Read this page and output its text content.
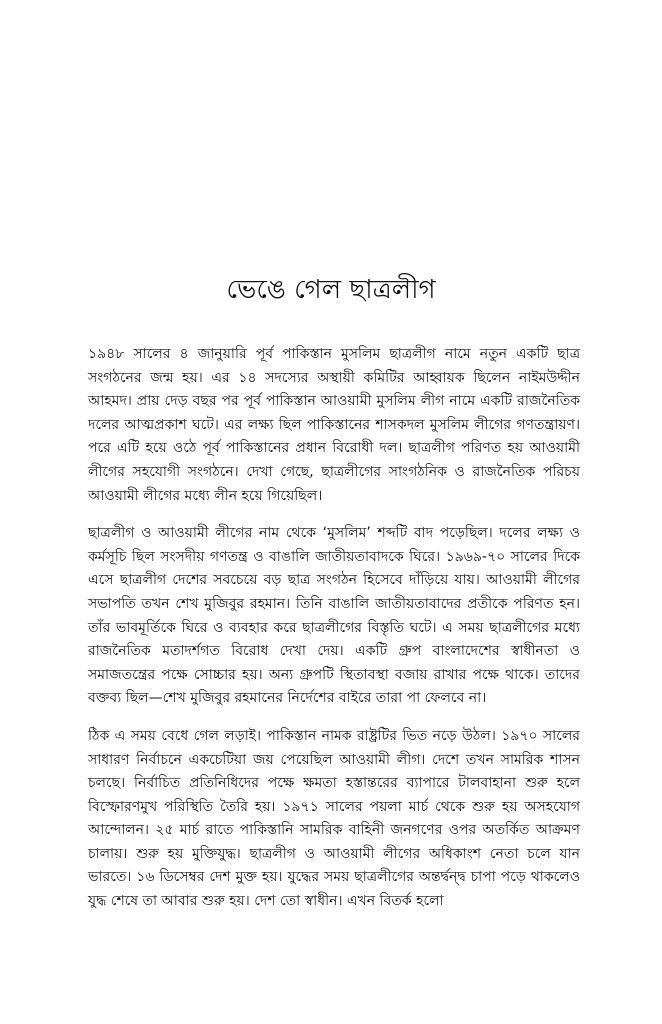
ভেঙে গেল ছাত্রলীগ

১৯৪৮ সালের ৪ জানুয়ারি পূর্ব পাকিস্তান মুসলিম ছাত্রলীগ নামে নতুন একটি ছাত্র সংগঠনের জন্ম হয়। এর ১৪ সদস্যের অস্থায়ী কমিটির আহ্বায়ক ছিলেন নাইমউদ্দীন আহমদ। প্রায় দেড় বছর পর পূর্ব পাকিস্তান আওয়ামী মুসলিম লীগ নামে একটি রাজনৈতিক দলের আত্মপ্রকাশ ঘটে। এর লক্ষ্য ছিল পাকিস্তানের শাসকদল মুসলিম লীগের গণতন্ত্রায়ণ। পরে এটি হয়ে ওঠে পূর্ব পাকিস্তানের প্রধান বিরোধী দল। ছাত্রলীগ পরিণত হয় আওয়ামী লীগের সহযোগী সংগঠনে। দেখা গেছে, ছাত্রলীগের সাংগঠনিক ও রাজনৈতিক পরিচয় আওয়ামী লীগের মধ্যে লীন হয়ে গিয়েছিল।

ছাত্রলীগ ও আওয়ামী লীগের নাম থেকে ‘মুসলিম’ শব্দটি বাদ পড়েছিল। দলের লক্ষ্য ও কর্মসূচি ছিল সংসদীয় গণতন্ত্র ও বাঙালি জাতীয়তাবাদকে ঘিরে। ১৯৬৯-৭০ সালের দিকে এসে ছাত্রলীগ দেশের সবচেয়ে বড় ছাত্র সংগঠন হিসেবে দাঁড়িয়ে যায়। আওয়ামী লীগের সভাপতি তখন শেখ মুজিবুর রহমান। তিনি বাঙালি জাতীয়তাবাদের প্রতীকে পরিণত হন। তাঁর ভাবমূর্তিকে ঘিরে ও ব্যবহার করে ছাত্রলীগের বিস্তৃতি ঘটে। এ সময় ছাত্রলীগের মধ্যে রাজনৈতিক মতাদর্শগত বিরোধ দেখা দেয়। একটি গ্রুপ বাংলাদেশের স্বাধীনতা ও সমাজতন্ত্রের পক্ষে সোচ্চার হয়। অন্য গ্রুপটি স্থিতাবস্থা বজায় রাখার পক্ষে থাকে। তাদের বক্তব্য ছিল—শেখ মুজিবুর রহমানের নির্দেশের বাইরে তারা পা ফেলবে না।

ঠিক এ সময় বেধে গেল লড়াই। পাকিস্তান নামক রাষ্ট্রটির ভিত নড়ে উঠল। ১৯৭০ সালের সাধারণ নির্বাচনে একচেটিয়া জয় পেয়েছিল আওয়ামী লীগ। দেশে তখন সামরিক শাসন চলছে। নির্বাচিত প্রতিনিধিদের পক্ষে ক্ষমতা হস্তান্তরের ব্যাপারে টালবাহানা শুরু হলে বিস্ফোরণমুখ পরিস্থিতি তৈরি হয়। ১৯৭১ সালের পয়লা মার্চ থেকে শুরু হয় অসহযোগ আন্দোলন। ২৫ মার্চ রাতে পাকিস্তানি সামরিক বাহিনী জনগণের ওপর অতর্কিত আক্রমণ চালায়। শুরু হয় মুক্তিযুদ্ধ। ছাত্রলীগ ও আওয়ামী লীগের অধিকাংশ নেতা চলে যান ভারতে। ১৬ ডিসেম্বর দেশ মুক্ত হয়। যুদ্ধের সময় ছাত্রলীগের অন্তর্দ্বন্দ্ব চাপা পড়ে থাকলেও যুদ্ধ শেষে তা আবার শুরু হয়। দেশ তো স্বাধীন। এখন বিতর্ক হলো
